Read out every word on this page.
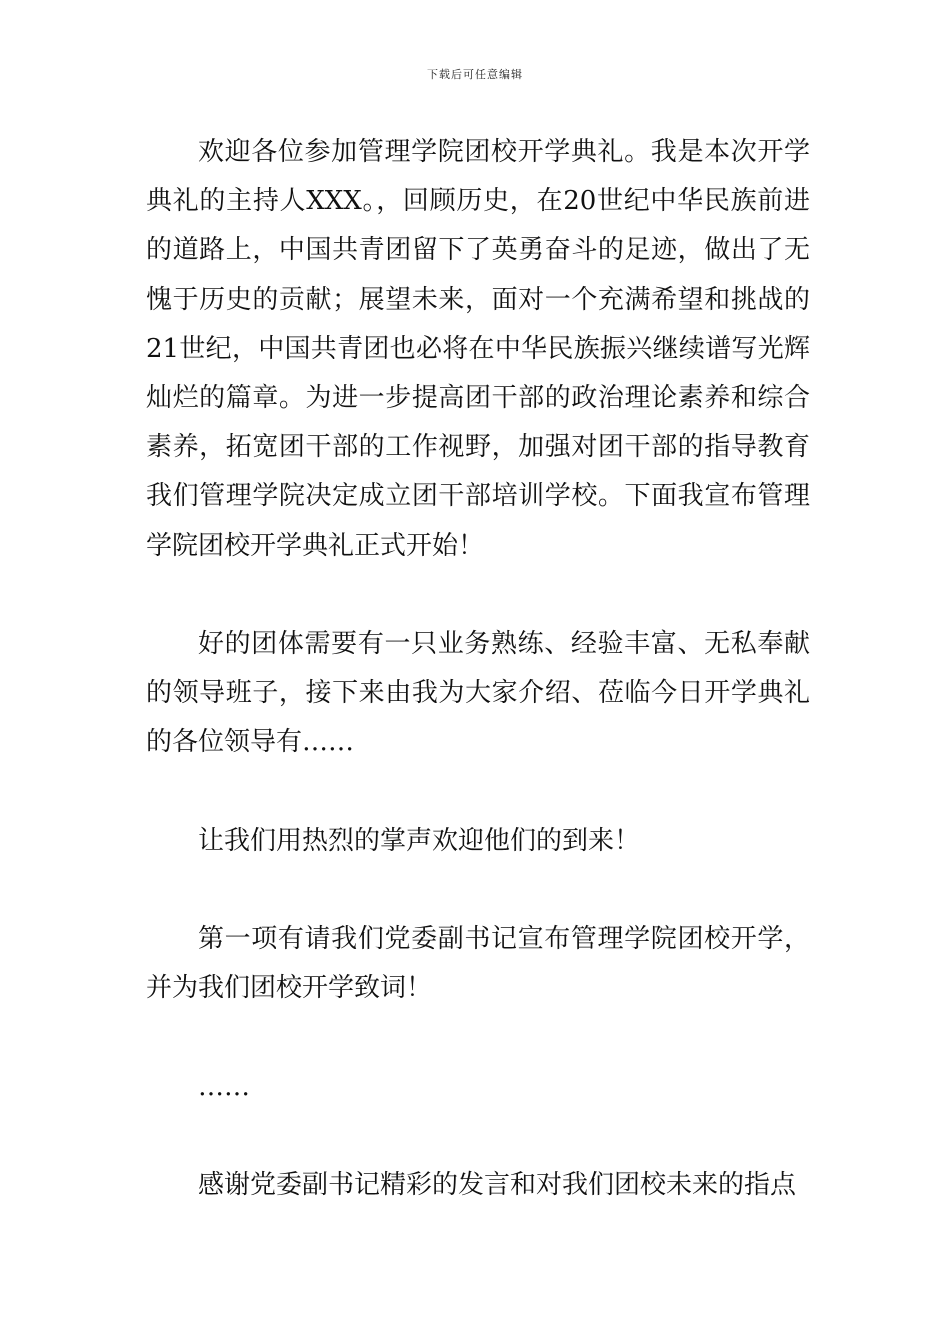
下载后可任意编辑

欢迎各位参加管理学院团校开学典礼。我是本次开学典礼的主持人XXX。，回顾历史，在20世纪中华民族前进的道路上，中国共青团留下了英勇奋斗的足迹，做出了无愧于历史的贡献；展望未来，面对一个充满希望和挑战的21世纪，中国共青团也必将在中华民族振兴继续谱写光辉灿烂的篇章。为进一步提高团干部的政治理论素养和综合素养，拓宽团干部的工作视野，加强对团干部的指导教育我们管理学院决定成立团干部培训学校。下面我宣布管理学院团校开学典礼正式开始！

好的团体需要有一只业务熟练、经验丰富、无私奉献的领导班子，接下来由我为大家介绍、莅临今日开学典礼的各位领导有……

让我们用热烈的掌声欢迎他们的到来！

第一项有请我们党委副书记宣布管理学院团校开学，并为我们团校开学致词！

……

感谢党委副书记精彩的发言和对我们团校未来的指点
